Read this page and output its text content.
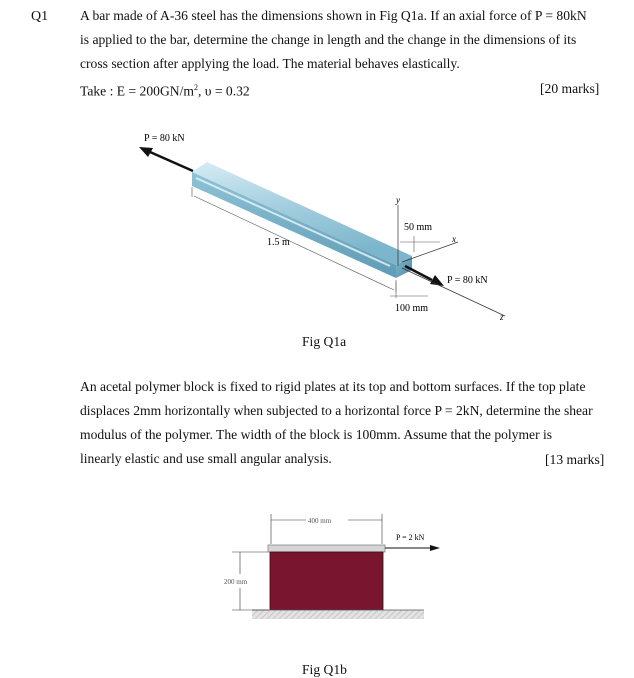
Q1 A bar made of A-36 steel has the dimensions shown in Fig Q1a. If an axial force of P = 80kN
is applied to the bar, determine the change in length and the change in the dimensions of its
cross section after applying the load. The material behaves elastically.
Take : $E = 200GN/m^2$, υ = 0.32	[20 marks]
P = 80 kN
P = 80 kN
1.5 m
y
x
z
50 mm
100 mm
Fig Q1a
An acetal polymer block is fixed to rigid plates at its top and bottom surfaces. If the top plate
displaces 2mm horizontally when subjected to a horizontal force P = 2kN, determine the shear
modulus of the polymer. The width of the block is 100mm. Assume that the polymer is
linearly elastic and use small angular analysis.	[13 marks]
400 mm
P = 2 kN
200 mm
Fig Q1b
